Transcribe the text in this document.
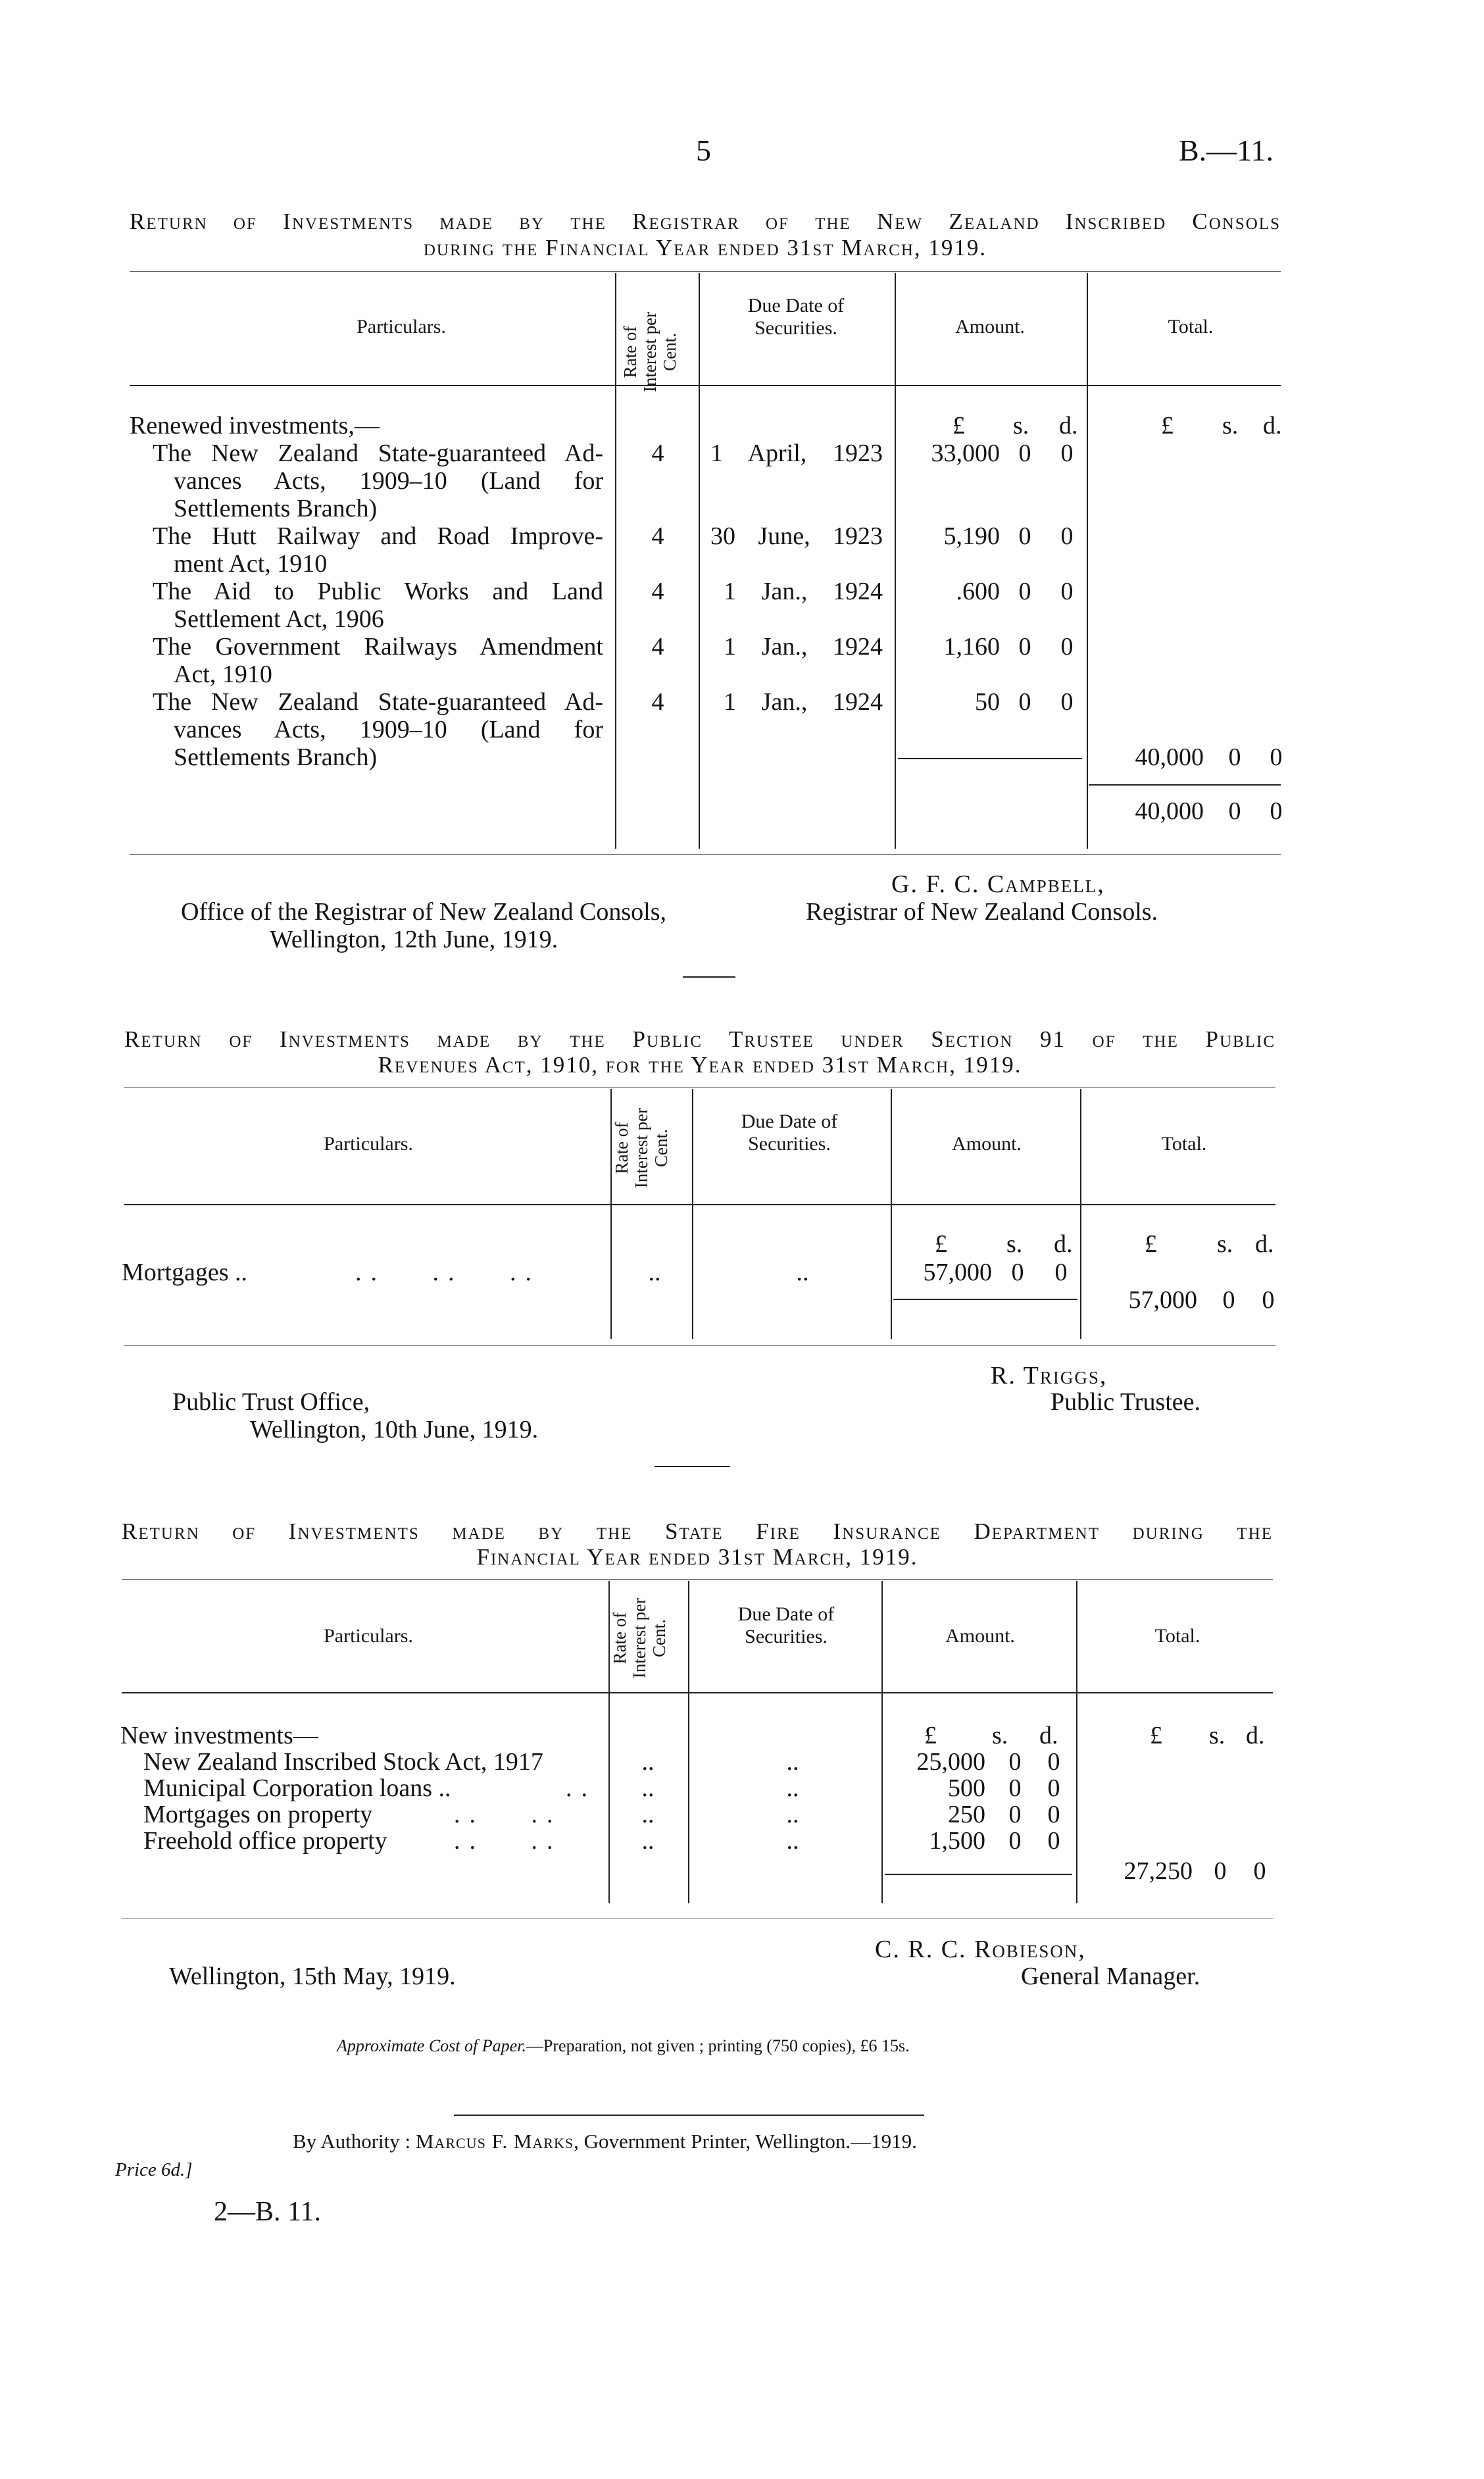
5	B.—11.
Return of Investments made by the Registrar of the New Zealand Inscribed Consols
during the Financial Year ended 31st March, 1919.
Particulars.	Rate of Interest per Cent.
Due Date of Securities.	Amount.	Total.
Renewed investments,—	£ s. d.	£ s. d.
The New Zealand State-guaranteed Ad-
vances Acts, 1909–10 (Land for
Settlements Branch)
4	1 April, 1923	33,000 0 0
The Hutt Railway and Road Improve-
ment Act, 1910
4	30 June, 1923	5,190 0 0
The Aid to Public Works and Land
Settlement Act, 1906
4	1 Jan., 1924	.600 0 0
The Government Railways Amendment
Act, 1910
4	1 Jan., 1924	1,160 0 0
The New Zealand State-guaranteed Ad-
vances Acts, 1909–10 (Land for
Settlements Branch)
4	1 Jan., 1924	50 0 0
40,000 0 0
40,000 0 0
G. F. C. Campbell,
Registrar of New Zealand Consols.
Office of the Registrar of New Zealand Consols,
Wellington, 12th June, 1919.
Return of Investments made by the Public Trustee under Section 91 of the Public
Revenues Act, 1910, for the Year ended 31st March, 1919.
Particulars.	Rate of Interest per Cent.
Due Date of Securities.	Amount.	Total.
£ s. d.	£ s. d.
Mortgages ..	..   ..   ..	..	..	57,000 0 0
57,000 0 0
R. Triggs,
Public Trustee.
Public Trust Office,
Wellington, 10th June, 1919.
Return of Investments made by the State Fire Insurance Department during the
Financial Year ended 31st March, 1919.
Particulars.	Rate of Interest per Cent.
Due Date of Securities.	Amount.	Total.
New investments—	£ s. d.	£ s. d.
New Zealand Inscribed Stock Act, 1917	..	..	25,000 0 0
Municipal Corporation loans ..	..	..	..	500 0 0
Mortgages on property	..   ..	..	..	250 0 0
Freehold office property	..   ..	..	..	1,500 0 0
27,250 0 0
C. R. C. Robieson,
General Manager.
Wellington, 15th May, 1919.
Approximate Cost of Paper.—Preparation, not given ; printing (750 copies), £6 15s.
By Authority : Marcus F. Marks, Government Printer, Wellington.—1919.
Price 6d.]
2—B. 11.
